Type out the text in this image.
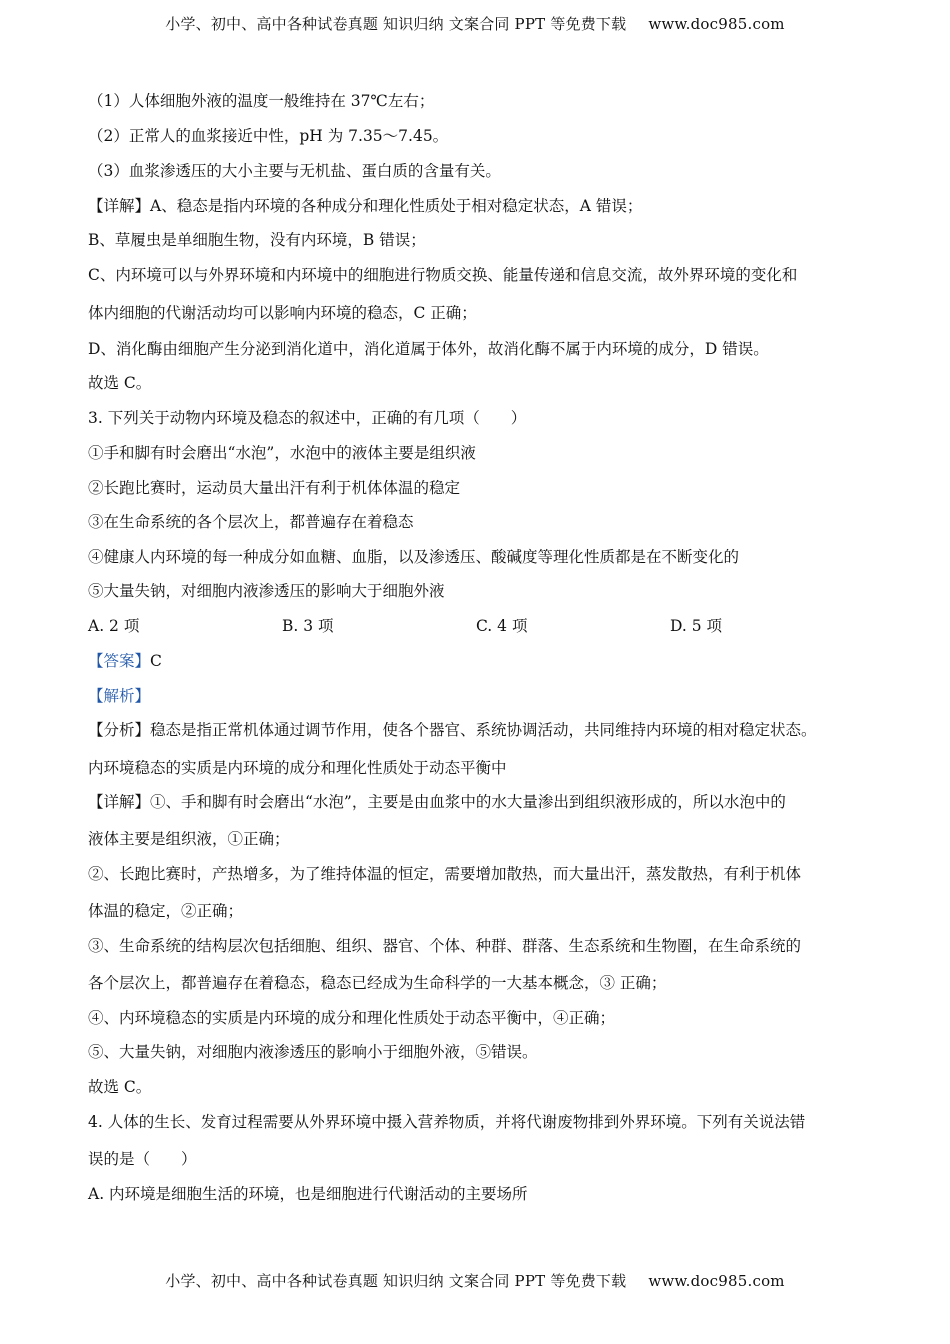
小学、初中、高中各种试卷真题 知识归纳 文案合同 PPT 等免费下载 www.doc985.com
（1）人体细胞外液的温度一般维持在 37℃左右；
（2）正常人的血浆接近中性，pH 为 7.35～7.45。
（3）血浆渗透压的大小主要与无机盐、蛋白质的含量有关。
【详解】A、稳态是指内环境的各种成分和理化性质处于相对稳定状态，A 错误；
B、草履虫是单细胞生物，没有内环境，B 错误；
C、内环境可以与外界环境和内环境中的细胞进行物质交换、能量传递和信息交流，故外界环境的变化和
体内细胞的代谢活动均可以影响内环境的稳态，C 正确；
D、消化酶由细胞产生分泌到消化道中，消化道属于体外，故消化酶不属于内环境的成分，D 错误。
故选 C。
3. 下列关于动物内环境及稳态的叙述中，正确的有几项（　　）
①手和脚有时会磨出“水泡”，水泡中的液体主要是组织液
②长跑比赛时，运动员大量出汗有利于机体体温的稳定
③在生命系统的各个层次上，都普遍存在着稳态
④健康人内环境的每一种成分如血糖、血脂，以及渗透压、酸碱度等理化性质都是在不断变化的
⑤大量失钠，对细胞内液渗透压的影响大于细胞外液
A. 2 项	B. 3 项	C. 4 项	D. 5 项
【答案】C
【解析】
【分析】稳态是指正常机体通过调节作用，使各个器官、系统协调活动，共同维持内环境的相对稳定状态。
内环境稳态的实质是内环境的成分和理化性质处于动态平衡中
【详解】①、手和脚有时会磨出“水泡”，主要是由血浆中的水大量渗出到组织液形成的，所以水泡中的
液体主要是组织液，①正确；
②、长跑比赛时，产热增多，为了维持体温的恒定，需要增加散热，而大量出汗，蒸发散热，有利于机体
体温的稳定，②正确；
③、生命系统的结构层次包括细胞、组织、器官、个体、种群、群落、生态系统和生物圈，在生命系统的
各个层次上，都普遍存在着稳态，稳态已经成为生命科学的一大基本概念，③ 正确；
④、内环境稳态的实质是内环境的成分和理化性质处于动态平衡中，④正确；
⑤、大量失钠，对细胞内液渗透压的影响小于细胞外液，⑤错误。
故选 C。
4. 人体的生长、发育过程需要从外界环境中摄入营养物质，并将代谢废物排到外界环境。下列有关说法错
误的是（　　）
A. 内环境是细胞生活的环境，也是细胞进行代谢活动的主要场所
小学、初中、高中各种试卷真题 知识归纳 文案合同 PPT 等免费下载 www.doc985.com
